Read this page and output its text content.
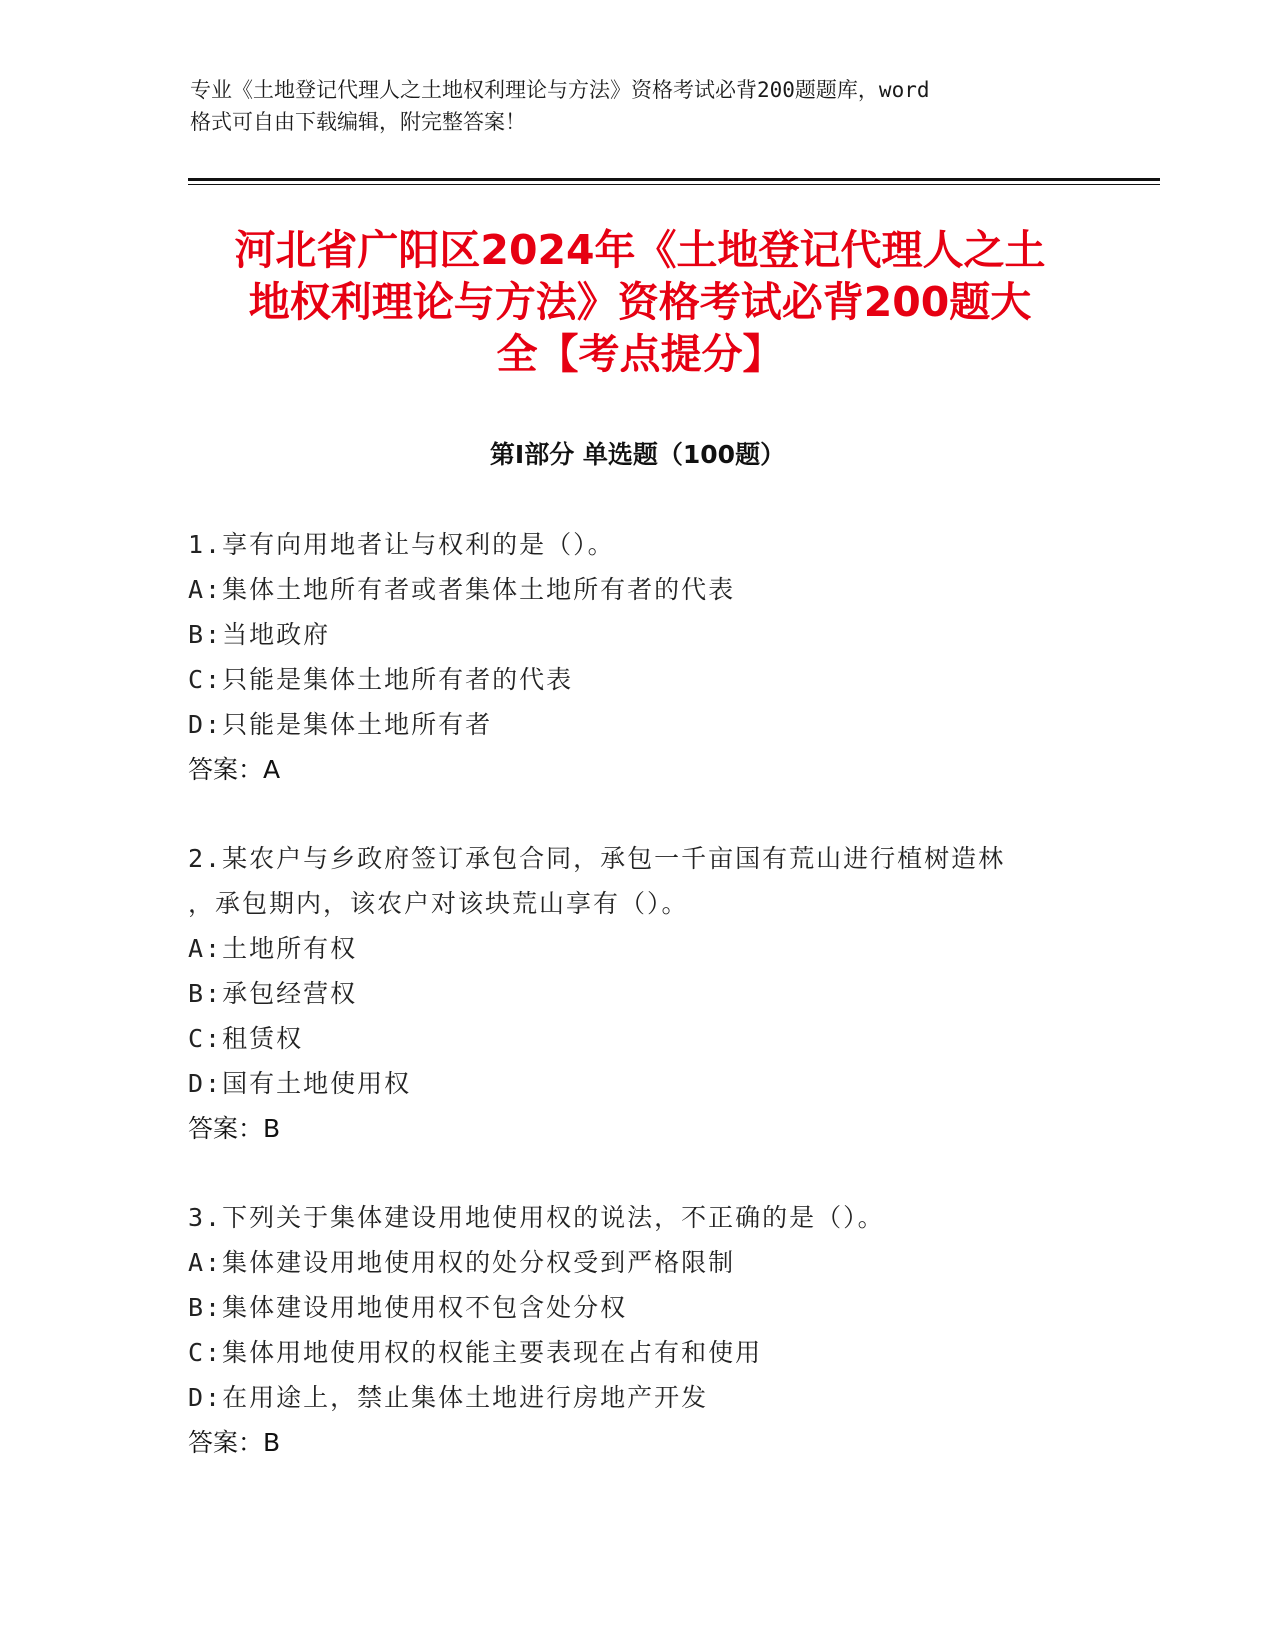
专业《土地登记代理人之土地权利理论与方法》资格考试必背200题题库，word
格式可自由下载编辑，附完整答案！
河北省广阳区2024年《土地登记代理人之土
地权利理论与方法》资格考试必背200题大
全【考点提分】
第Ⅰ部分 单选题（100题）
1.享有向用地者让与权利的是（）。
A:集体土地所有者或者集体土地所有者的代表
B:当地政府
C:只能是集体土地所有者的代表
D:只能是集体土地所有者
答案：A
2.某农户与乡政府签订承包合同，承包一千亩国有荒山进行植树造林
，承包期内，该农户对该块荒山享有（）。
A:土地所有权
B:承包经营权
C:租赁权
D:国有土地使用权
答案：B
3.下列关于集体建设用地使用权的说法，不正确的是（）。
A:集体建设用地使用权的处分权受到严格限制
B:集体建设用地使用权不包含处分权
C:集体用地使用权的权能主要表现在占有和使用
D:在用途上，禁止集体土地进行房地产开发
答案：B
